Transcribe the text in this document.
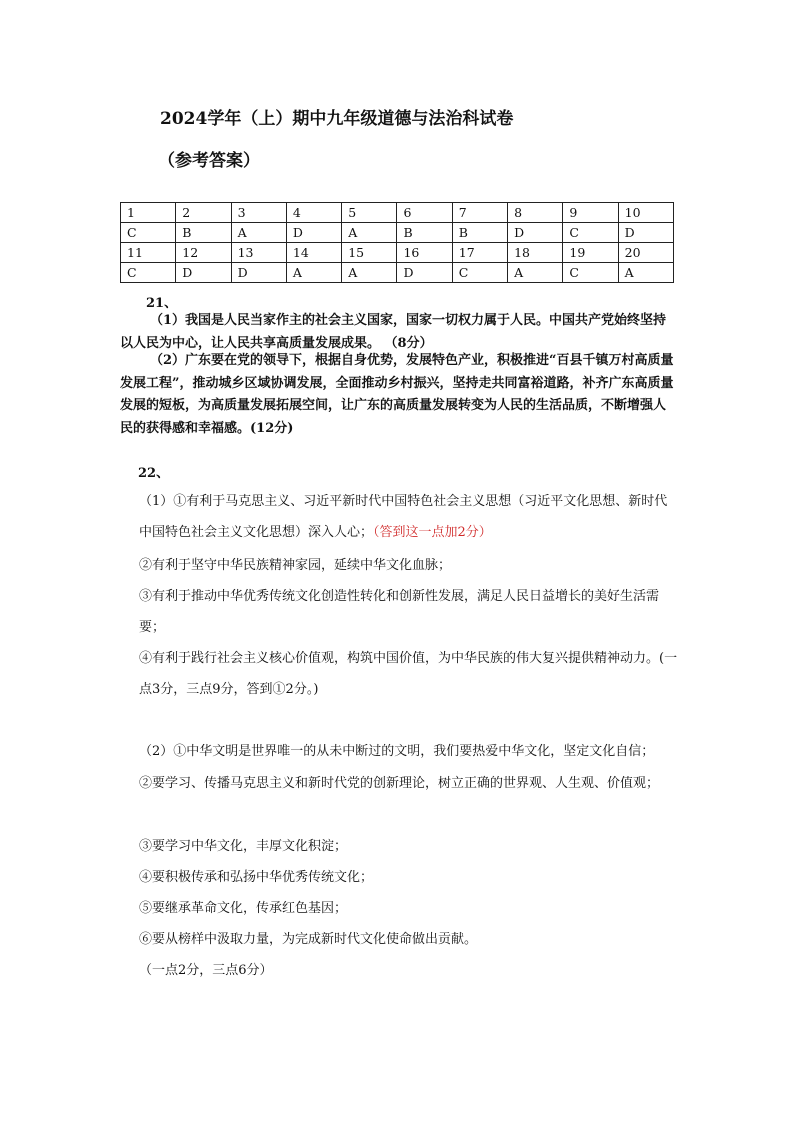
2024学年（上）期中九年级道德与法治科试卷
（参考答案）
1	2	3	4	5	6	7	8	9	10
C	B	A	D	A	B	B	D	C	D
11	12	13	14	15	16	17	18	19	20
C	D	D	A	A	D	C	A	C	A
21、
（1）我国是人民当家作主的社会主义国家，国家一切权力属于人民。中国共产党始终坚持以人民为中心，让人民共享高质量发展成果。 （8分）
（2）广东要在党的领导下，根据自身优势，发展特色产业，积极推进“百县千镇万村高质量发展工程”，推动城乡区域协调发展，全面推动乡村振兴，坚持走共同富裕道路，补齐广东高质量发展的短板，为高质量发展拓展空间，让广东的高质量发展转变为人民的生活品质，不断增强人民的获得感和幸福感。(12分)
22、

（1）①有利于马克思主义、习近平新时代中国特色社会主义思想（习近平文化思想、新时代中国特色社会主义文化思想）深入人心；（答到这一点加2分）

②有利于坚守中华民族精神家园，延续中华文化血脉；

③有利于推动中华优秀传统文化创造性转化和创新性发展，满足人民日益增长的美好生活需要；

④有利于践行社会主义核心价值观，构筑中国价值，为中华民族的伟大复兴提供精神动力。(一点3分，三点9分，答到①2分。)

（2）①中华文明是世界唯一的从未中断过的文明，我们要热爱中华文化，坚定文化自信；

②要学习、传播马克思主义和新时代党的创新理论，树立正确的世界观、人生观、价值观；

③要学习中华文化，丰厚文化积淀；

④要积极传承和弘扬中华优秀传统文化；

⑤要继承革命文化，传承红色基因；

⑥要从榜样中汲取力量，为完成新时代文化使命做出贡献。

（一点2分，三点6分）
